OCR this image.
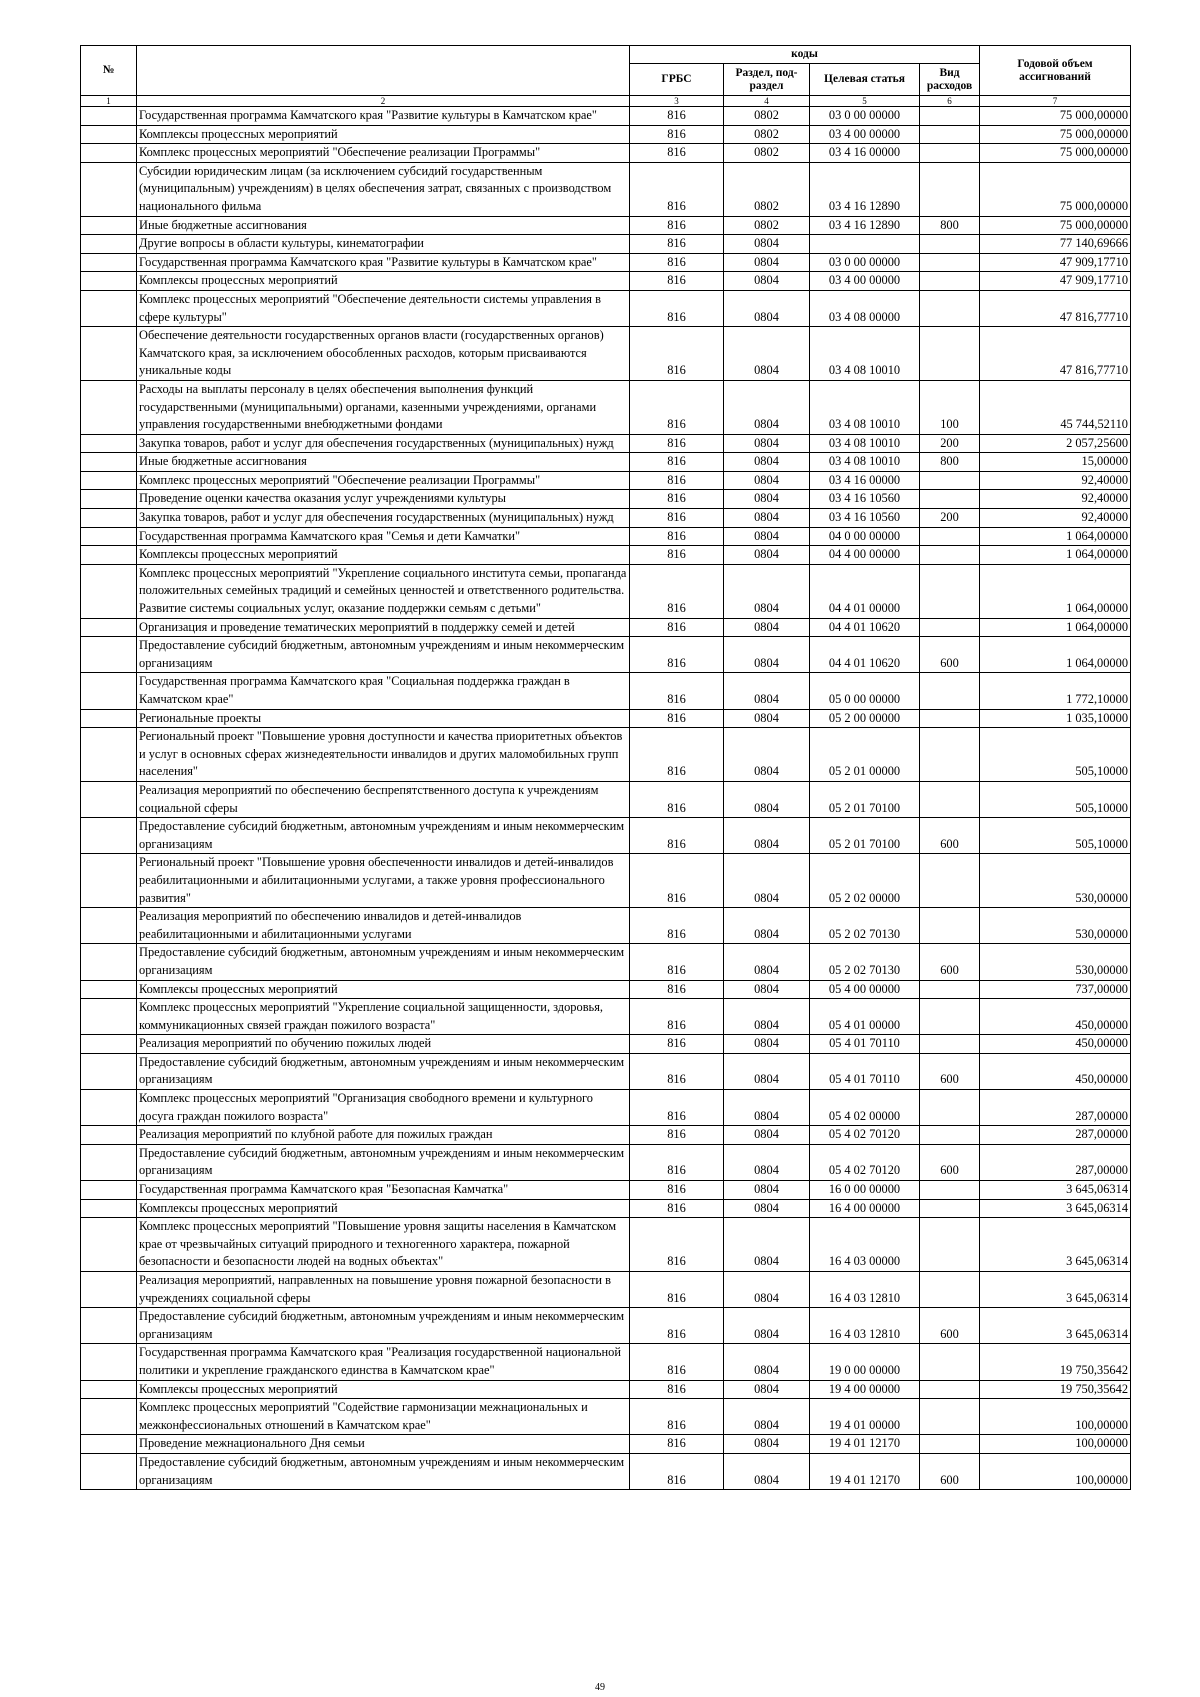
№		коды				Годовой объем ассигнований
		ГРБС	Раздел, под-раздел	Целевая статья	Вид расходов	
1	2	3	4	5	6	7
	Государственная программа Камчатского края "Развитие культуры в Камчатском крае"	816	0802	03 0 00 00000		75 000,00000
	Комплексы процессных мероприятий	816	0802	03 4 00 00000		75 000,00000
	Комплекс процессных мероприятий "Обеспечение реализации Программы"	816	0802	03 4 16 00000		75 000,00000
	Субсидии юридическим лицам (за исключением субсидий государственным (муниципальным) учреждениям) в целях обеспечения затрат, связанных с производством национального фильма	816	0802	03 4 16 12890		75 000,00000
	Иные бюджетные ассигнования	816	0802	03 4 16 12890	800	75 000,00000
	Другие вопросы в области культуры, кинематографии	816	0804			77 140,69666
	Государственная программа Камчатского края "Развитие культуры в Камчатском крае"	816	0804	03 0 00 00000		47 909,17710
	Комплексы процессных мероприятий	816	0804	03 4 00 00000		47 909,17710
	Комплекс процессных мероприятий "Обеспечение деятельности системы управления в сфере культуры"	816	0804	03 4 08 00000		47 816,77710
	Обеспечение деятельности государственных органов власти (государственных органов) Камчатского края, за исключением обособленных расходов, которым присваиваются уникальные коды	816	0804	03 4 08 10010		47 816,77710
	Расходы на выплаты персоналу в целях обеспечения выполнения функций государственными (муниципальными) органами, казенными учреждениями, органами управления государственными внебюджетными фондами	816	0804	03 4 08 10010	100	45 744,52110
	Закупка товаров, работ и услуг для обеспечения государственных (муниципальных) нужд	816	0804	03 4 08 10010	200	2 057,25600
	Иные бюджетные ассигнования	816	0804	03 4 08 10010	800	15,00000
	Комплекс процессных мероприятий "Обеспечение реализации Программы"	816	0804	03 4 16 00000		92,40000
	Проведение оценки качества оказания услуг учреждениями культуры	816	0804	03 4 16 10560		92,40000
	Закупка товаров, работ и услуг для обеспечения государственных (муниципальных) нужд	816	0804	03 4 16 10560	200	92,40000
	Государственная программа Камчатского края "Семья и дети Камчатки"	816	0804	04 0 00 00000		1 064,00000
	Комплексы процессных мероприятий	816	0804	04 4 00 00000		1 064,00000
	Комплекс процессных мероприятий "Укрепление социального института семьи, пропаганда положительных семейных традиций и семейных ценностей и ответственного родительства. Развитие системы социальных услуг, оказание поддержки семьям с детьми"	816	0804	04 4 01 00000		1 064,00000
	Организация и проведение тематических мероприятий в поддержку семей и детей	816	0804	04 4 01 10620		1 064,00000
	Предоставление субсидий бюджетным, автономным учреждениям и иным некоммерческим организациям	816	0804	04 4 01 10620	600	1 064,00000
	Государственная программа Камчатского края "Социальная поддержка граждан в Камчатском крае"	816	0804	05 0 00 00000		1 772,10000
	Региональные проекты	816	0804	05 2 00 00000		1 035,10000
	Региональный проект "Повышение уровня доступности и качества приоритетных объектов и услуг в основных сферах жизнедеятельности инвалидов и других маломобильных групп населения"	816	0804	05 2 01 00000		505,10000
	Реализация мероприятий по обеспечению беспрепятственного доступа к учреждениям социальной сферы	816	0804	05 2 01 70100		505,10000
	Предоставление субсидий бюджетным, автономным учреждениям и иным некоммерческим организациям	816	0804	05 2 01 70100	600	505,10000
	Региональный проект "Повышение уровня обеспеченности инвалидов и детей-инвалидов реабилитационными и абилитационными услугами, а также уровня профессионального развития"	816	0804	05 2 02 00000		530,00000
	Реализация мероприятий по обеспечению инвалидов и детей-инвалидов реабилитационными и абилитационными услугами	816	0804	05 2 02 70130		530,00000
	Предоставление субсидий бюджетным, автономным учреждениям и иным некоммерческим организациям	816	0804	05 2 02 70130	600	530,00000
	Комплексы процессных мероприятий	816	0804	05 4 00 00000		737,00000
	Комплекс процессных мероприятий "Укрепление социальной защищенности, здоровья, коммуникационных связей граждан пожилого возраста"	816	0804	05 4 01 00000		450,00000
	Реализация мероприятий по обучению пожилых людей	816	0804	05 4 01 70110		450,00000
	Предоставление субсидий бюджетным, автономным учреждениям и иным некоммерческим организациям	816	0804	05 4 01 70110	600	450,00000
	Комплекс процессных мероприятий "Организация свободного времени и культурного досуга граждан пожилого возраста"	816	0804	05 4 02 00000		287,00000
	Реализация мероприятий по клубной работе для пожилых граждан	816	0804	05 4 02 70120		287,00000
	Предоставление субсидий бюджетным, автономным учреждениям и иным некоммерческим организациям	816	0804	05 4 02 70120	600	287,00000
	Государственная программа Камчатского края "Безопасная Камчатка"	816	0804	16 0 00 00000		3 645,06314
	Комплексы процессных мероприятий	816	0804	16 4 00 00000		3 645,06314
	Комплекс процессных мероприятий "Повышение уровня защиты населения в Камчатском крае от чрезвычайных ситуаций природного и техногенного характера, пожарной безопасности и безопасности людей на водных объектах"	816	0804	16 4 03 00000		3 645,06314
	Реализация мероприятий, направленных на повышение уровня пожарной безопасности в учреждениях социальной сферы	816	0804	16 4 03 12810		3 645,06314
	Предоставление субсидий бюджетным, автономным учреждениям и иным некоммерческим организациям	816	0804	16 4 03 12810	600	3 645,06314
	Государственная программа Камчатского края "Реализация государственной национальной политики и укрепление гражданского единства в Камчатском крае"	816	0804	19 0 00 00000		19 750,35642
	Комплексы процессных мероприятий	816	0804	19 4 00 00000		19 750,35642
	Комплекс процессных мероприятий "Содействие гармонизации межнациональных и межконфессиональных отношений в Камчатском крае"	816	0804	19 4 01 00000		100,00000
	Проведение межнационального Дня семьи	816	0804	19 4 01 12170		100,00000
	Предоставление субсидий бюджетным, автономным учреждениям и иным некоммерческим организациям	816	0804	19 4 01 12170	600	100,00000
49
